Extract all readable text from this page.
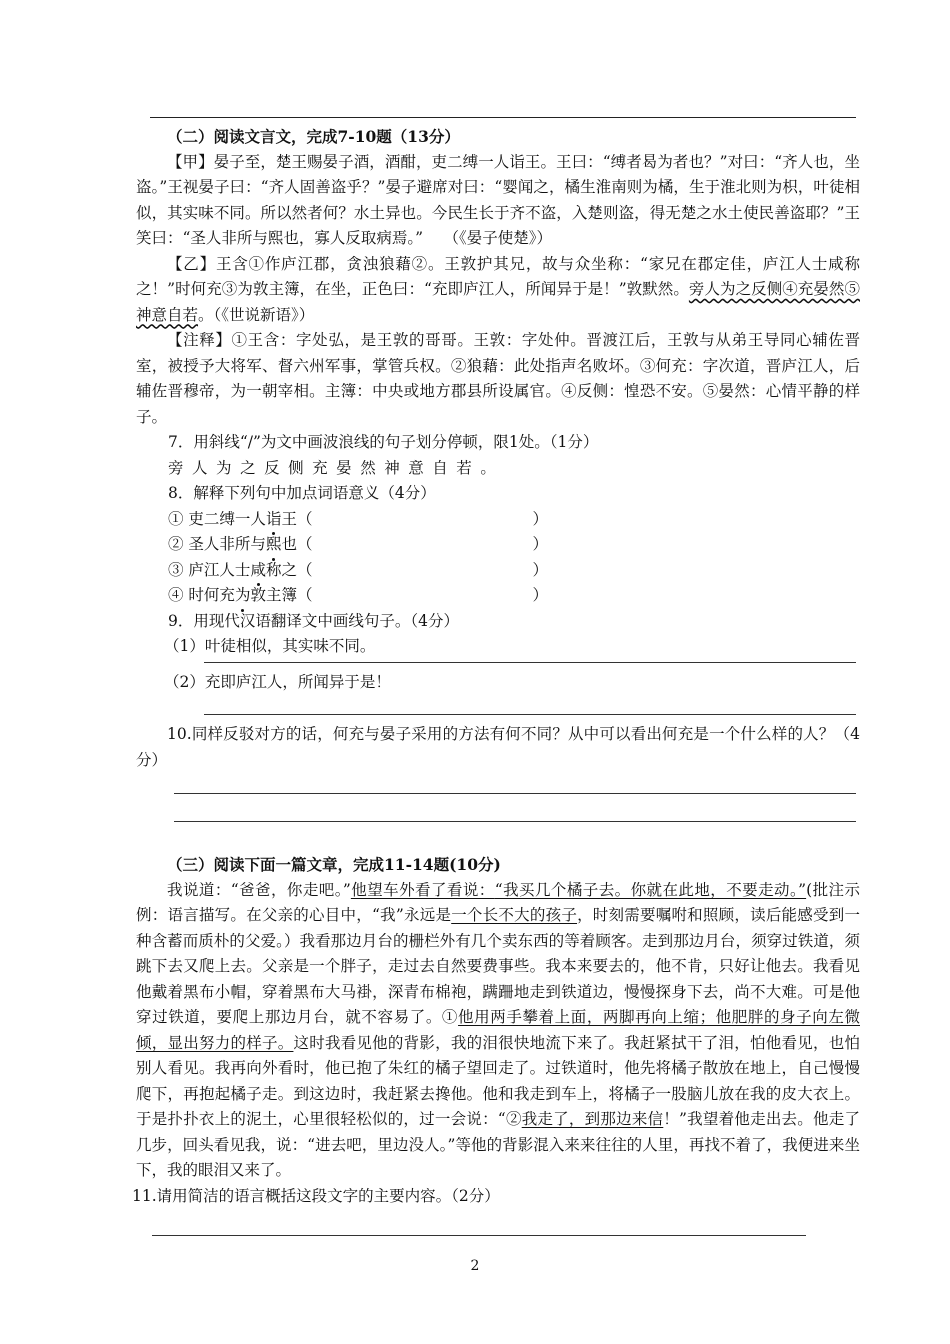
（二）阅读文言文，完成7-10题（13分）
【甲】晏子至，楚王赐晏子酒，酒酣，吏二缚一人诣王。王曰：“缚者曷为者也？”对曰：“齐人也，坐盗。”王视晏子曰：“齐人固善盗乎？”晏子避席对曰：“婴闻之，橘生淮南则为橘，生于淮北则为枳，叶徒相似，其实味不同。所以然者何？水土异也。今民生长于齐不盗，入楚则盗，得无楚之水土使民善盗耶？”王笑曰：“圣人非所与熙也，寡人反取病焉。”　 （《晏子使楚》）
【乙】王含①作庐江郡，贪浊狼藉②。王敦护其兄，故与众坐称：“家兄在郡定佳，庐江人士咸称之！”时何充③为敦主簿，在坐，正色曰：“充即庐江人，所闻异于是！”敦默然。旁人为之反侧④充晏然⑤神意自若。（《世说新语》）
【注释】①王含：字处弘，是王敦的哥哥。王敦：字处仲。晋渡江后，王敦与从弟王导同心辅佐晋室，被授予大将军、督六州军事，掌管兵权。②狼藉：此处指声名败坏。③何充：字次道，晋庐江人，后辅佐晋穆帝，为一朝宰相。主簿：中央或地方郡县所设属官。④反侧：惶恐不安。⑤晏然：心情平静的样子。
7．用斜线“/”为文中画波浪线的句子划分停顿，限1处。（1分）
旁人为之反侧充晏然神意自若。
8．解释下列句中加点词语意义（4分）
① 吏二缚一人诣王（	）
② 圣人非所与熙也（	）
③ 庐江人士咸称之（	）
④ 时何充为敦主簿（	）
9．用现代汉语翻译文中画线句子。（4分）
（1）叶徒相似，其实味不同。
（2）充即庐江人，所闻异于是！
10.同样反驳对方的话，何充与晏子采用的方法有何不同？从中可以看出何充是一个什么样的人？（4分）
（三）阅读下面一篇文章，完成11-14题(10分)
我说道：“爸爸，你走吧。”他望车外看了看说：“我买几个橘子去。你就在此地，不要走动。”(批注示例：语言描写。在父亲的心目中，“我”永远是一个长不大的孩子，时刻需要嘱咐和照顾，读后能感受到一种含蓄而质朴的父爱。）我看那边月台的栅栏外有几个卖东西的等着顾客。走到那边月台，须穿过铁道，须跳下去又爬上去。父亲是一个胖子，走过去自然要费事些。我本来要去的，他不肯，只好让他去。我看见他戴着黑布小帽，穿着黑布大马褂，深青布棉袍，蹒跚地走到铁道边，慢慢探身下去，尚不大难。可是他穿过铁道，要爬上那边月台，就不容易了。①他用两手攀着上面，两脚再向上缩；他肥胖的身子向左微倾，显出努力的样子。这时我看见他的背影，我的泪很快地流下来了。我赶紧拭干了泪，怕他看见，也怕别人看见。我再向外看时，他已抱了朱红的橘子望回走了。过铁道时，他先将橘子散放在地上，自己慢慢爬下，再抱起橘子走。到这边时，我赶紧去搀他。他和我走到车上，将橘子一股脑儿放在我的皮大衣上。于是扑扑衣上的泥土，心里很轻松似的，过一会说：“②我走了，到那边来信！”我望着他走出去。他走了几步，回头看见我，说：“进去吧，里边没人。”等他的背影混入来来往往的人里，再找不着了，我便进来坐下，我的眼泪又来了。
11.请用简洁的语言概括这段文字的主要内容。（2分）
2
